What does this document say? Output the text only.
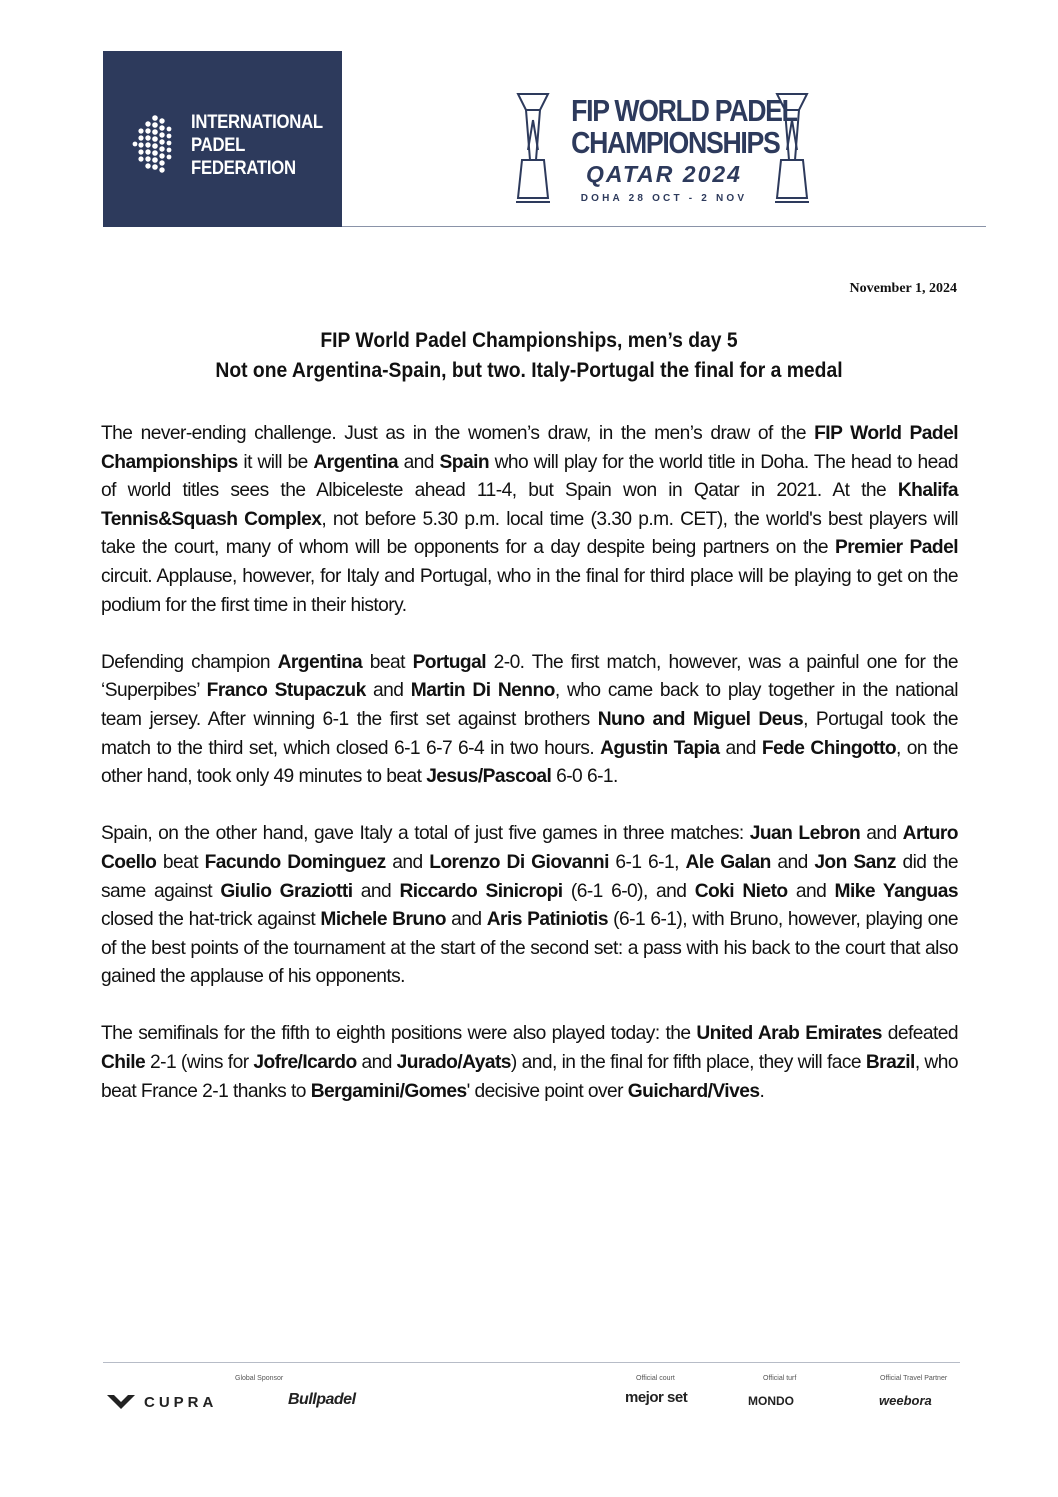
INTERNATIONAL
PADEL
FEDERATION
FIP WORLD PADEL
CHAMPIONSHIPS
QATAR 2024
DOHA 28 OCT - 2 NOV
November 1, 2024
FIP World Padel Championships, men’s day 5
Not one Argentina-Spain, but two. Italy-Portugal the final for a medal

The never-ending challenge. Just as in the women’s draw, in the men’s draw of the FIP World Padel Championships it will be Argentina and Spain who will play for the world title in Doha. The head to head of world titles sees the Albiceleste ahead 11-4, but Spain won in Qatar in 2021. At the Khalifa Tennis&Squash Complex, not before 5.30 p.m. local time (3.30 p.m. CET), the world's best players will take the court, many of whom will be opponents for a day despite being partners on the Premier Padel circuit. Applause, however, for Italy and Portugal, who in the final for third place will be playing to get on the podium for the first time in their history.

Defending champion Argentina beat Portugal 2-0. The first match, however, was a painful one for the ‘Superpibes’ Franco Stupaczuk and Martin Di Nenno, who came back to play together in the national team jersey. After winning 6-1 the first set against brothers Nuno and Miguel Deus, Portugal took the match to the third set, which closed 6-1 6-7 6-4 in two hours. Agustin Tapia and Fede Chingotto, on the other hand, took only 49 minutes to beat Jesus/Pascoal 6-0 6-1.

Spain, on the other hand, gave Italy a total of just five games in three matches: Juan Lebron and Arturo Coello beat Facundo Dominguez and Lorenzo Di Giovanni 6-1 6-1, Ale Galan and Jon Sanz did the same against Giulio Graziotti and Riccardo Sinicropi (6-1 6-0), and Coki Nieto and Mike Yanguas closed the hat-trick against Michele Bruno and Aris Patiniotis (6-1 6-1), with Bruno, however, playing one of the best points of the tournament at the start of the second set: a pass with his back to the court that also gained the applause of his opponents.

The semifinals for the fifth to eighth positions were also played today: the United Arab Emirates defeated Chile 2-1 (wins for Jofre/Icardo and Jurado/Ayats) and, in the final for fifth place, they will face Brazil, who beat France 2-1 thanks to Bergamini/Gomes' decisive point over Guichard/Vives.

Global Sponsor	Official court	Official turf	Official Travel Partner
CUPRA	Bullpadel	mejor set	MONDO	weebora
